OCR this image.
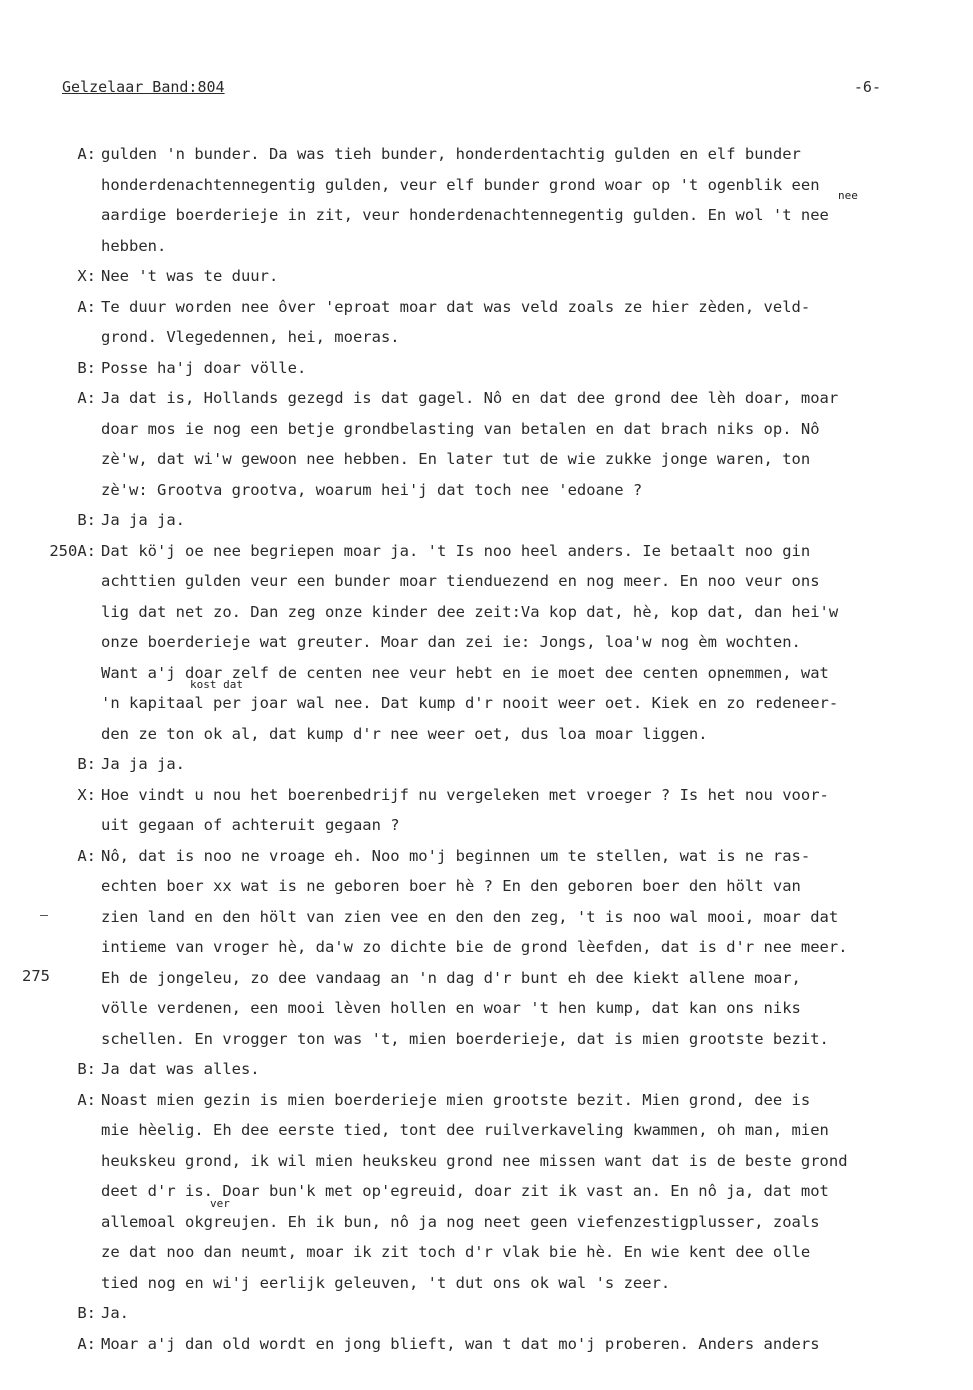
Gelzelaar Band:804	-6-
A: gulden 'n bunder. Da was tieh bunder, honderdentachtig gulden en elf bunder
honderdenachtennegentig gulden, veur elf bunder grond woar op 't ogenblik een
aardige boerderieje in zit, veur honderdenachtennegentig gulden. En wol 't nee
hebben.
X: Nee 't was te duur.
A: Te duur worden nee ôver 'eproat moar dat was veld zoals ze hier zèden, veld-
grond. Vlegedennen, hei, moeras.
B: Posse ha'j doar völle.
A: Ja dat is, Hollands gezegd is dat gagel. Nô en dat dee grond dee lèh doar, moar
doar mos ie nog een betje grondbelasting van betalen en dat brach niks op. Nô
zè'w, dat wi'w gewoon nee hebben. En later tut de wie zukke jonge waren, ton
zè'w: Grootva grootva, woarum hei'j dat toch nee 'edoane ?
B: Ja ja ja.
250A: Dat kö'j oe nee begriepen moar ja. 't Is noo heel anders. Ie betaalt noo gin
achttien gulden veur een bunder moar tienduezend en nog meer. En noo veur ons
lig dat net zo. Dan zeg onze kinder dee zeit:Va kop dat, hè, kop dat, dan hei'w
onze boerderieje wat greuter. Moar dan zei ie: Jongs, loa'w nog èm wochten.
Want a'j doar zelf de centen nee veur hebt en ie moet dee centen opnemmen, wat
'n kapitaal per joar wal nee. Dat kump d'r nooit weer oet. Kiek en zo redeneer-
den ze ton ok al, dat kump d'r nee weer oet, dus loa moar liggen.
B: Ja ja ja.
X: Hoe vindt u nou het boerenbedrijf nu vergeleken met vroeger ? Is het nou voor-
uit gegaan of achteruit gegaan ?
A: Nô, dat is noo ne vroage eh. Noo mo'j beginnen um te stellen, wat is ne ras-
echten boer xx wat is ne geboren boer hè ? En den geboren boer den hölt van
zien land en den hölt van zien vee en den den zeg, 't is noo wal mooi, moar dat
intieme van vroger hè, da'w zo dichte bie de grond lèefden, dat is d'r nee meer.
Eh de jongeleu, zo dee vandaag an 'n dag d'r bunt eh dee kiekt allene moar,
völle verdenen, een mooi lèven hollen en woar 't hen kump, dat kan ons niks
schellen. En vrogger ton was 't, mien boerderieje, dat is mien grootste bezit.
B: Ja dat was alles.
A: Noast mien gezin is mien boerderieje mien grootste bezit. Mien grond, dee is
mie hèelig. Eh dee eerste tied, tont dee ruilverkaveling kwammen, oh man, mien
heukskeu grond, ik wil mien heukskeu grond nee missen want dat is de beste grond
deet d'r is. Doar bun'k met op'egreuid, doar zit ik vast an. En nô ja, dat mot
allemoal okgreujen. Eh ik bun, nô ja nog neet geen viefenzestigplusser, zoals
ze dat noo dan neumt, moar ik zit toch d'r vlak bie hè. En wie kent dee olle
tied nog en wi'j eerlijk geleuven, 't dut ons ok wal 's zeer.
B: Ja.
A: Moar a'j dan old wordt en jong blieft, wan t dat mo'j proberen. Anders anders
nee
kost dat
ver
275
